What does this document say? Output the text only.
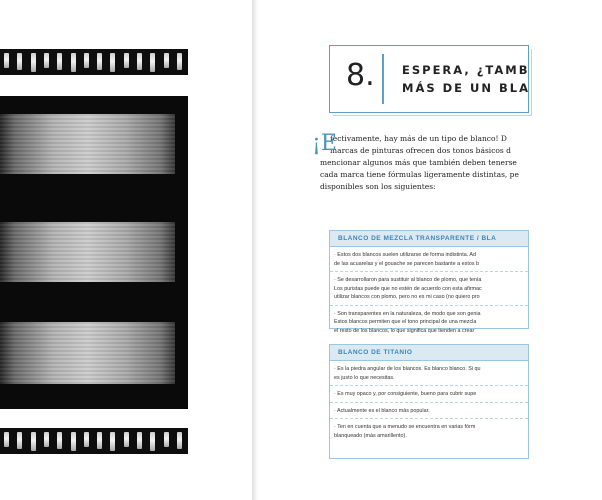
8. ESPERA, ¿TAMB
MÁS DE UN BLA
¡E
fectivamente, hay más de un tipo de blanco! D
marcas de pinturas ofrecen dos tonos básicos d
mencionar algunos más que también deben tenerse
cada marca tiene fórmulas ligeramente distintas, pe
disponibles son los siguientes:
BLANCO DE MEZCLA TRANSPARENTE / BLA
· Estos dos blancos suelen utilizarse de forma indistinta. Ad
de las acuarelas y el gouache se parecen bastante a estos b
· Se desarrollaron para sustituir al blanco de plomo, que tenía
Los puristas puede que no estén de acuerdo con esta afirmac
utilizar blancos con plomo, pero no es mi caso (no quiero pro
· Son transparentes en la naturaleza, de modo que son genia
Estos blancos permiten que el tono principal de una mezcla
el resto de los blancos, lo que significa que tienden a crear
BLANCO DE TITANIO
· Es la piedra angular de los blancos. Es blanco blanco. Si qu
es justo lo que necesitas.
· Es muy opaco y, por consiguiente, bueno para cubrir supe
· Actualmente es el blanco más popular.
· Ten en cuenta que a menudo se encuentra en varias fórm
blanqueado (más amarillento).
